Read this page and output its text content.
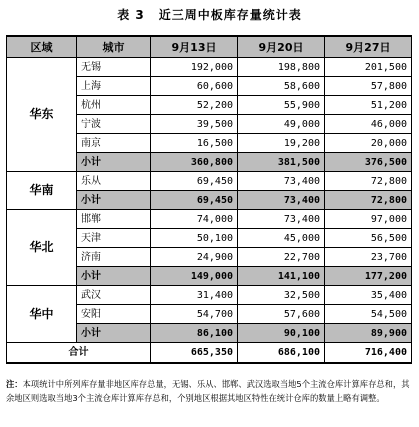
表 3 近三周中板库存量统计表
区域	城市	9月13日	9月20日	9月27日
华东	无锡	192,000	198,800	201,500
	上海	60,600	58,600	57,800
	杭州	52,200	55,900	51,200
	宁波	39,500	49,000	46,000
	南京	16,500	19,200	20,000
	小计	360,800	381,500	376,500
华南	乐从	69,450	73,400	72,800
	小计	69,450	73,400	72,800
华北	邯郸	74,000	73,400	97,000
	天津	50,100	45,000	56,500
	济南	24,900	22,700	23,700
	小计	149,000	141,100	177,200
华中	武汉	31,400	32,500	35,400
	安阳	54,700	57,600	54,500
	小计	86,100	90,100	89,900
合计		665,350	686,100	716,400
注：本项统计中所列库存量非地区库存总量，无锡、乐从、邯郸、武汉选取当地5个主流仓库计算库存总和，其余地区则选取当地3个主流仓库计算库存总和，个别地区根据其地区特性在统计仓库的数量上略有调整。
